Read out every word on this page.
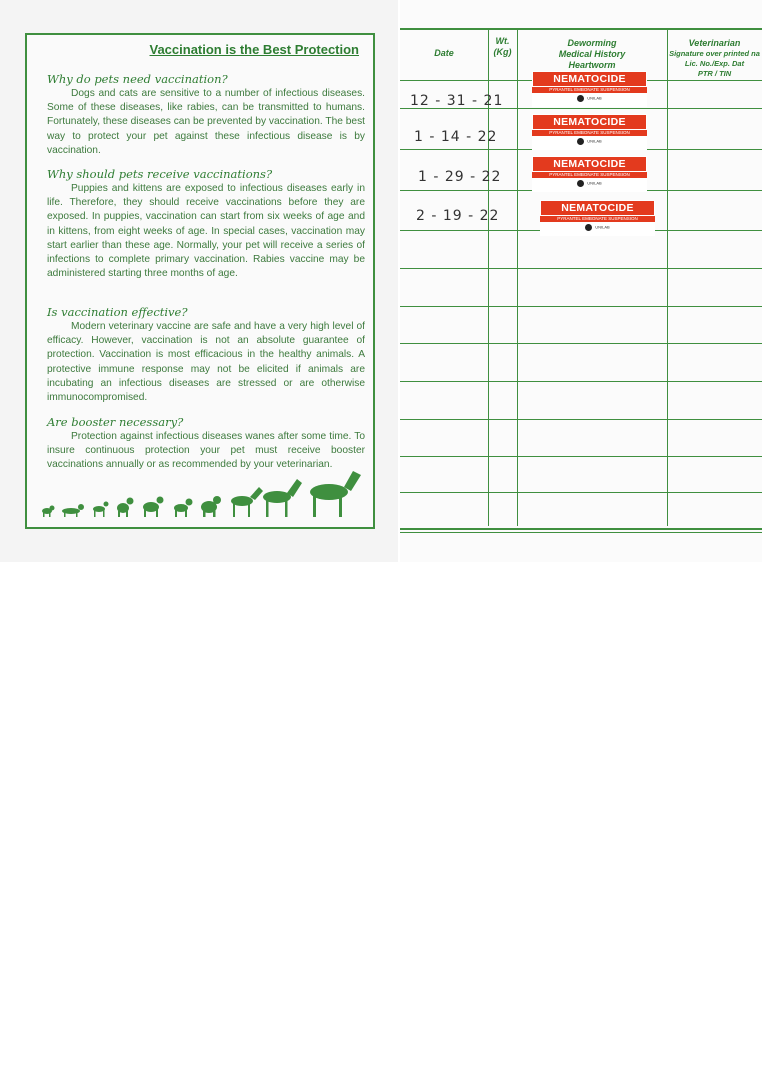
Vaccination is the Best Protection

Why do pets need vaccination?

Dogs and cats are sensitive to a number of infectious diseases. Some of these diseases, like rabies, can be transmitted to humans. Fortunately, these diseases can be prevented by vaccination. The best way to protect your pet against these infectious disease is by vaccination.

Why should pets receive vaccinations?

Puppies and kittens are exposed to infectious diseases early in life. Therefore, they should receive vaccinations before they are exposed. In puppies, vaccination can start from six weeks of age and in kittens, from eight weeks of age. In special cases, vaccination may start earlier than these age. Normally, your pet will receive a series of infections to complete primary vaccination. Rabies vaccine may be administered starting three months of age.

Is vaccination effective?

Modern veterinary vaccine are safe and have a very high level of efficacy. However, vaccination is not an absolute guarantee of protection. Vaccination is most efficacious in the healthy animals. A protective immune response may not be elicited if animals are incubating an infectious diseases are stressed or are otherwise immunocompromised.

Are booster necessary?

Protection against infectious diseases wanes after some time. To insure continuous protection your pet must receive booster vaccinations annually or as recommended by your veterinarian.

Date
Wt.
(Kg)
Deworming
Medical History
Heartworm
Veterinarian
Signature over printed na
Lic. No./Exp. Dat
PTR / TIN
12 - 31 - 21
1 - 14 - 22
1 - 29 - 22
2 - 19 - 22
NEMATOCIDE
PYRANTEL EMBONATE SUSPENSION
UNILAB
NEMATOCIDE
PYRANTEL EMBONATE SUSPENSION
UNILAB
NEMATOCIDE
PYRANTEL EMBONATE SUSPENSION
UNILAB
NEMATOCIDE
PYRANTEL EMBONATE SUSPENSION
UNILAB
